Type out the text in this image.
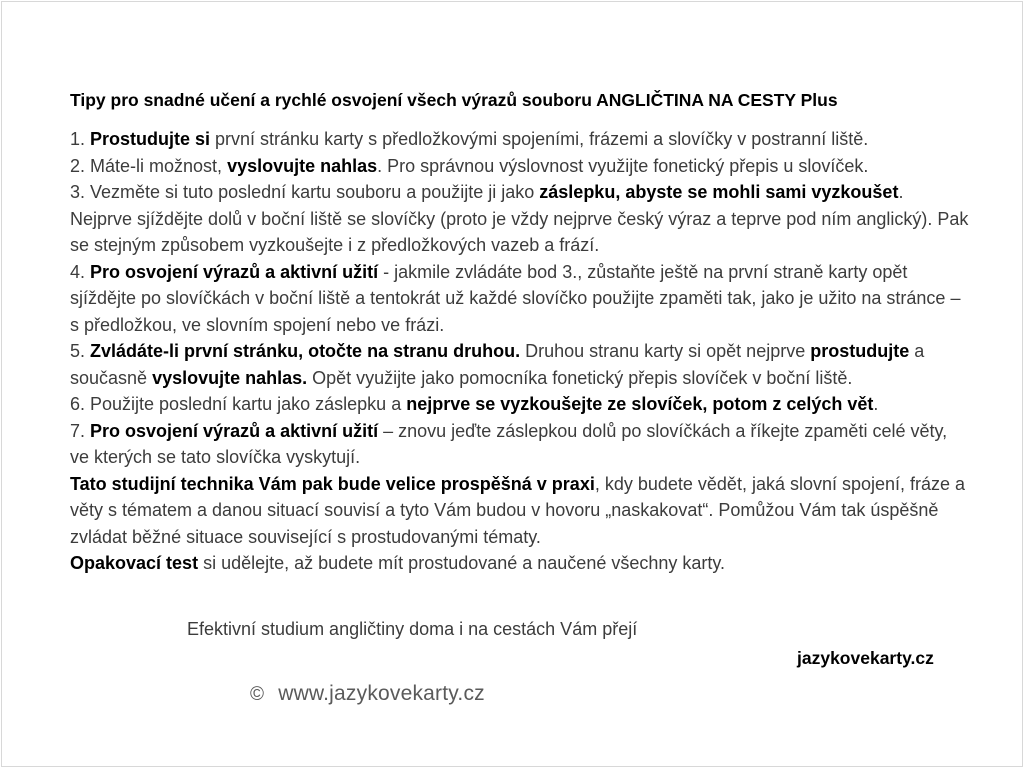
Tipy pro snadné učení a rychlé osvojení všech výrazů souboru ANGLIČTINA NA CESTY Plus

1. Prostudujte si první stránku karty s předložkovými spojeními, frázemi a slovíčky v postranní liště.

2. Máte-li možnost, vyslovujte nahlas. Pro správnou výslovnost využijte fonetický přepis u slovíček.

3. Vezměte si tuto poslední kartu souboru a použijte ji jako záslepku, abyste se mohli sami vyzkoušet. Nejprve sjíždějte dolů v boční liště se slovíčky (proto je vždy nejprve český výraz a teprve pod ním anglický). Pak se stejným způsobem vyzkoušejte i z předložkových vazeb a frází.

4. Pro osvojení výrazů a aktivní užití - jakmile zvládáte bod 3., zůstaňte ještě na první straně karty opět sjíždějte po slovíčkách v boční liště a tentokrát už každé slovíčko použijte zpaměti tak, jako je užito na stránce – s předložkou, ve slovním spojení nebo ve frázi.

5. Zvládáte-li první stránku, otočte na stranu druhou. Druhou stranu karty si opět nejprve prostudujte a současně vyslovujte nahlas. Opět využijte jako pomocníka fonetický přepis slovíček v boční liště.

6. Použijte poslední kartu jako záslepku a nejprve se vyzkoušejte ze slovíček, potom z celých vět.

7. Pro osvojení výrazů a aktivní užití – znovu jeďte záslepkou dolů po slovíčkách a říkejte zpaměti celé věty, ve kterých se tato slovíčka vyskytují.

Tato studijní technika Vám pak bude velice prospěšná v praxi, kdy budete vědět, jaká slovní spojení, fráze a věty s tématem a danou situací souvisí a tyto Vám budou v hovoru „naskakovat“. Pomůžou Vám tak úspěšně zvládat běžné situace související s prostudovanými tématy.

Opakovací test si udělejte, až budete mít prostudované a naučené všechny karty.

Efektivní studium angličtiny doma i na cestách Vám přejí
jazykovekarty.cz
© www.jazykovekarty.cz
